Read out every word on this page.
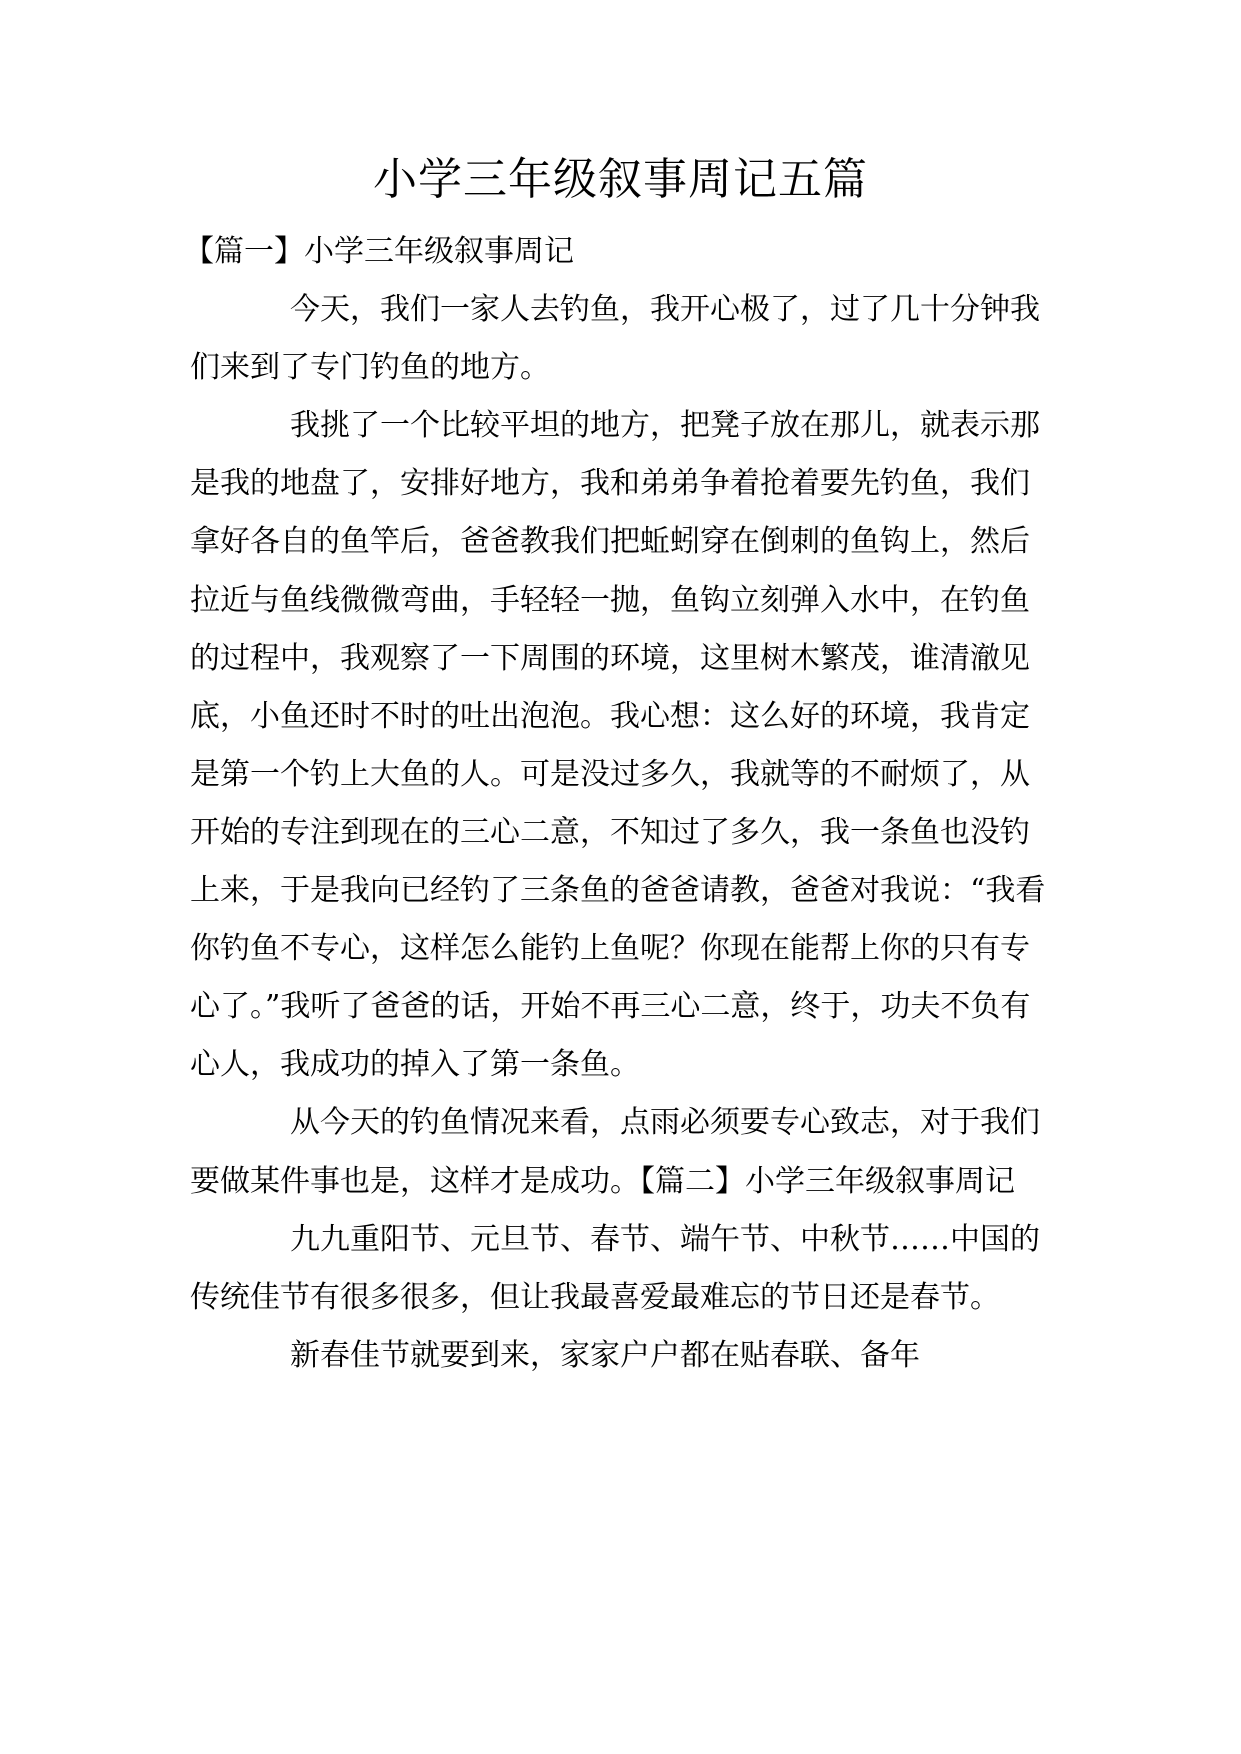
小学三年级叙事周记五篇
【篇一】小学三年级叙事周记

今天，我们一家人去钓鱼，我开心极了，过了几十分钟我们来到了专门钓鱼的地方。

我挑了一个比较平坦的地方，把凳子放在那儿，就表示那是我的地盘了，安排好地方，我和弟弟争着抢着要先钓鱼，我们拿好各自的鱼竿后，爸爸教我们把蚯蚓穿在倒刺的鱼钩上，然后拉近与鱼线微微弯曲，手轻轻一抛，鱼钩立刻弹入水中，在钓鱼的过程中，我观察了一下周围的环境，这里树木繁茂，谁清澈见底，小鱼还时不时的吐出泡泡。我心想：这么好的环境，我肯定是第一个钓上大鱼的人。可是没过多久，我就等的不耐烦了，从开始的专注到现在的三心二意，不知过了多久，我一条鱼也没钓上来，于是我向已经钓了三条鱼的爸爸请教，爸爸对我说：“我看你钓鱼不专心，这样怎么能钓上鱼呢？你现在能帮上你的只有专心了。”我听了爸爸的话，开始不再三心二意，终于，功夫不负有心人，我成功的掉入了第一条鱼。

从今天的钓鱼情况来看，点雨必须要专心致志，对于我们要做某件事也是，这样才是成功。【篇二】小学三年级叙事周记

九九重阳节、元旦节、春节、端午节、中秋节……中国的传统佳节有很多很多，但让我最喜爱最难忘的节日还是春节。

新春佳节就要到来，家家户户都在贴春联、备年
